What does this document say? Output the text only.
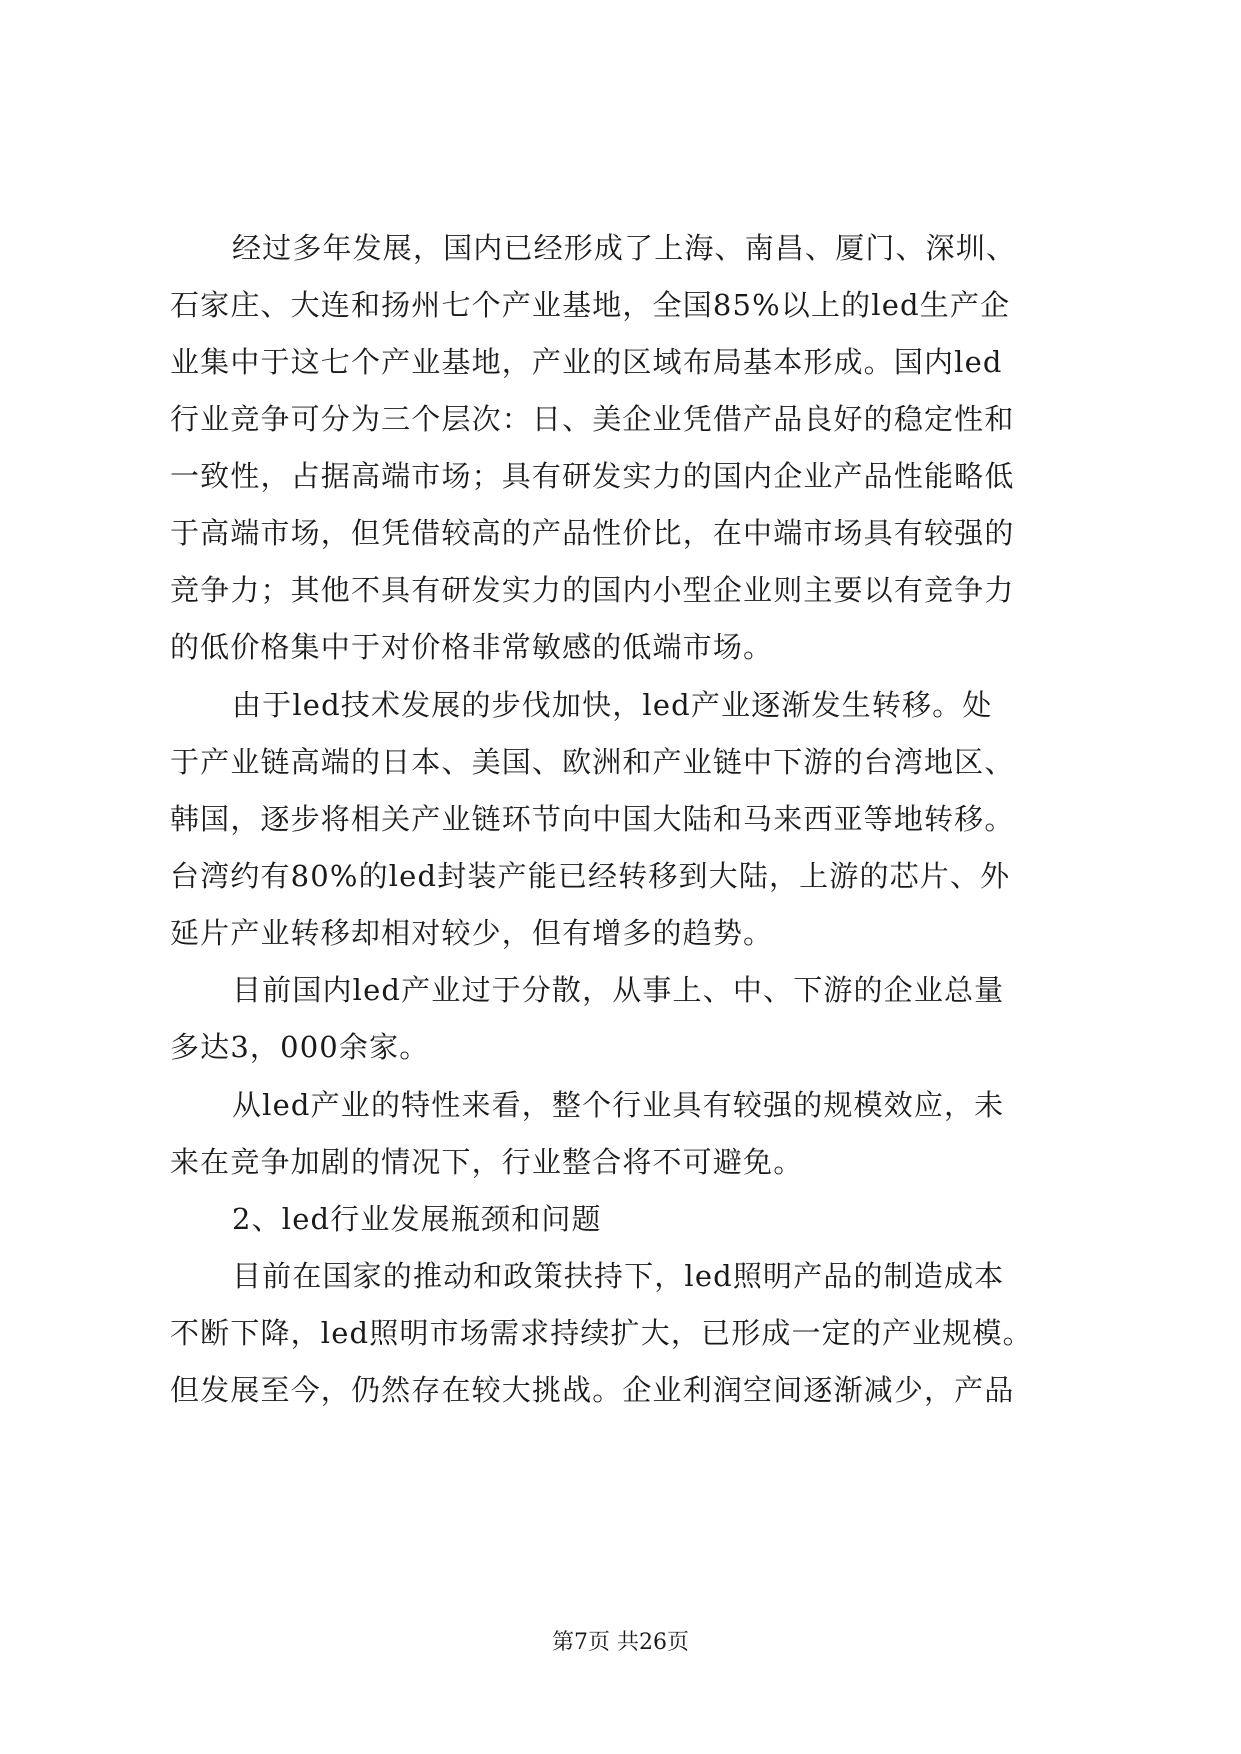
经过多年发展，国内已经形成了上海、南昌、厦门、深圳、
石家庄、大连和扬州七个产业基地，全国85%以上的led生产企
业集中于这七个产业基地，产业的区域布局基本形成。国内led
行业竞争可分为三个层次：日、美企业凭借产品良好的稳定性和
一致性，占据高端市场；具有研发实力的国内企业产品性能略低
于高端市场，但凭借较高的产品性价比，在中端市场具有较强的
竞争力；其他不具有研发实力的国内小型企业则主要以有竞争力
的低价格集中于对价格非常敏感的低端市场。
由于led技术发展的步伐加快，led产业逐渐发生转移。处
于产业链高端的日本、美国、欧洲和产业链中下游的台湾地区、
韩国，逐步将相关产业链环节向中国大陆和马来西亚等地转移。
台湾约有80%的led封装产能已经转移到大陆，上游的芯片、外
延片产业转移却相对较少，但有增多的趋势。
目前国内led产业过于分散，从事上、中、下游的企业总量
多达3，000余家。
从led产业的特性来看，整个行业具有较强的规模效应，未
来在竞争加剧的情况下，行业整合将不可避免。
2、led行业发展瓶颈和问题
目前在国家的推动和政策扶持下，led照明产品的制造成本
不断下降，led照明市场需求持续扩大，已形成一定的产业规模。
但发展至今，仍然存在较大挑战。企业利润空间逐渐减少，产品
第7页 共26页
